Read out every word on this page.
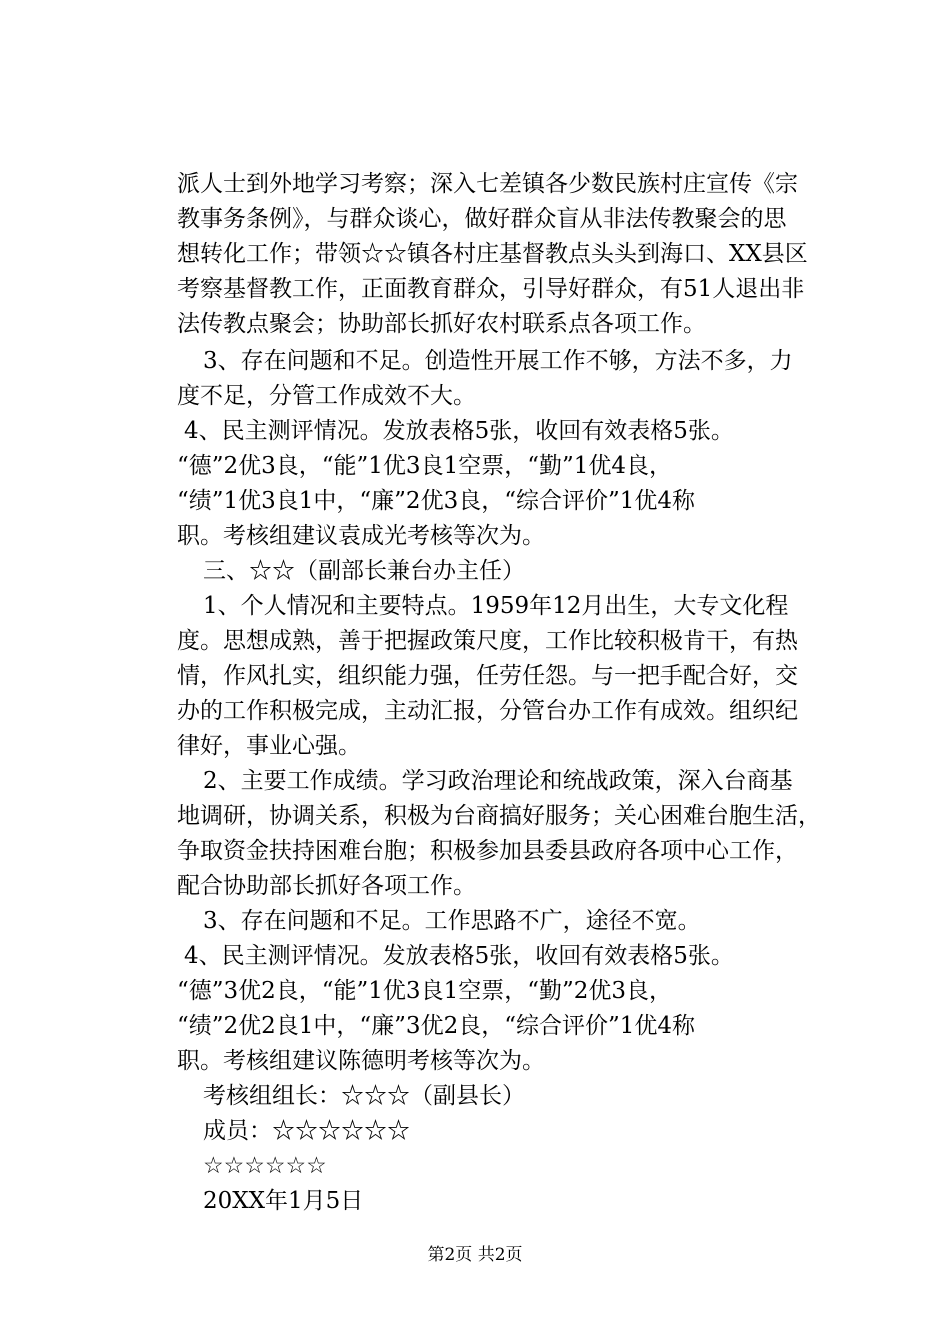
派人士到外地学习考察；深入七差镇各少数民族村庄宣传《宗
教事务条例》，与群众谈心，做好群众盲从非法传教聚会的思
想转化工作；带领☆☆镇各村庄基督教点头头到海口、XX县区
考察基督教工作，正面教育群众，引导好群众，有51人退出非
法传教点聚会；协助部长抓好农村联系点各项工作。
3、存在问题和不足。创造性开展工作不够，方法不多，力
度不足，分管工作成效不大。
4、民主测评情况。发放表格5张，收回有效表格5张。
“德”2优3良，“能”1优3良1空票，“勤”1优4良，
“绩”1优3良1中，“廉”2优3良，“综合评价”1优4称
职。考核组建议袁成光考核等次为。
三、☆☆（副部长兼台办主任）
1、个人情况和主要特点。1959年12月出生，大专文化程
度。思想成熟，善于把握政策尺度，工作比较积极肯干，有热
情，作风扎实，组织能力强，任劳任怨。与一把手配合好，交
办的工作积极完成，主动汇报，分管台办工作有成效。组织纪
律好，事业心强。
2、主要工作成绩。学习政治理论和统战政策，深入台商基
地调研，协调关系，积极为台商搞好服务；关心困难台胞生活，
争取资金扶持困难台胞；积极参加县委县政府各项中心工作，
配合协助部长抓好各项工作。
3、存在问题和不足。工作思路不广，途径不宽。
4、民主测评情况。发放表格5张，收回有效表格5张。
“德”3优2良，“能”1优3良1空票，“勤”2优3良，
“绩”2优2良1中，“廉”3优2良，“综合评价”1优4称
职。考核组建议陈德明考核等次为。
考核组组长：☆☆☆（副县长）
成员：☆☆☆☆☆☆
☆☆☆☆☆☆
20XX年1月5日
第2页 共2页
